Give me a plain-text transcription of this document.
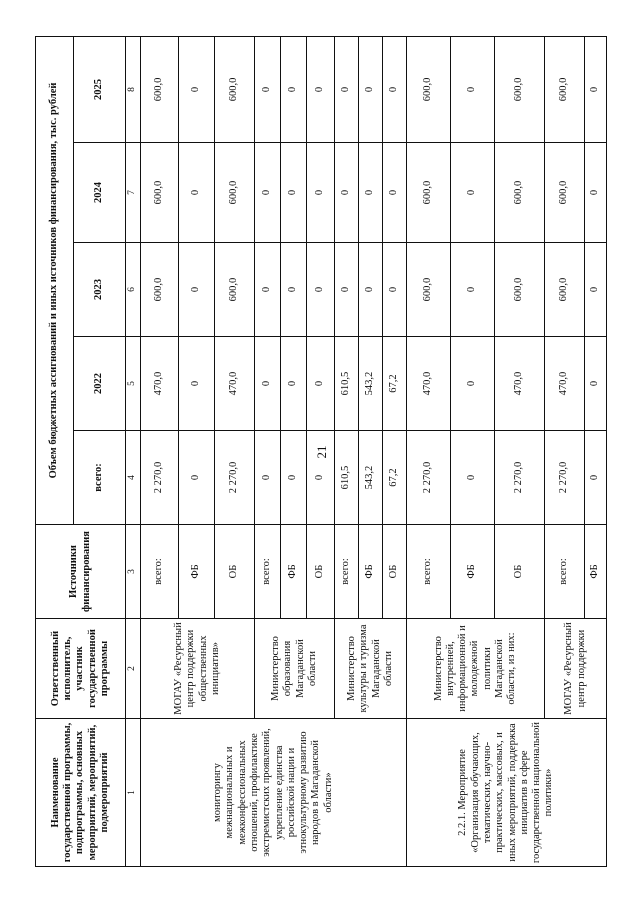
21
Наименование государственной программы, подпрограммы, основных мероприятий, мероприятий, подмероприятий	Ответственный исполнитель, участник государственной программы	Источники финансирования	Объем бюджетных ассигнований и иных источников финансирования, тыс. рублей				
			всего:	2022	2023	2024	2025
1	2	3	4	5	6	7	8
мониторингу межнациональных и межконфессиональных отношений, профилактике экстремистских проявлений, укрепление единства российской нации и этнокультурному развитию народов в Магаданской области»	МОГАУ «Ресурсный центр поддержки общественных инициатив»	всего:	2 270,0	470,0	600,0	600,0	600,0
		ФБ	0	0	0	0	0
		ОБ	2 270,0	470,0	600,0	600,0	600,0
	Министерство образования Магаданской области	всего:	0	0	0	0	0
		ФБ	0	0	0	0	0
		ОБ	0	0	0	0	0
	Министерство культуры и туризма Магаданской области	всего:	610,5	610,5	0	0	0
		ФБ	543,2	543,2	0	0	0
		ОБ	67,2	67,2	0	0	0
2.2.1. Мероприятие «Организация обучающих, тематических, научно-практических, массовых, и иных мероприятий, поддержка инициатив в сфере государственной национальной политики»	Министерство внутренней, информационной и молодежной политики Магаданской области, из них:	всего:	2 270,0	470,0	600,0	600,0	600,0
		ФБ	0	0	0	0	0
		ОБ	2 270,0	470,0	600,0	600,0	600,0
	МОГАУ «Ресурсный центр поддержки	всего:	2 270,0	470,0	600,0	600,0	600,0
		ФБ	0	0	0	0	0
